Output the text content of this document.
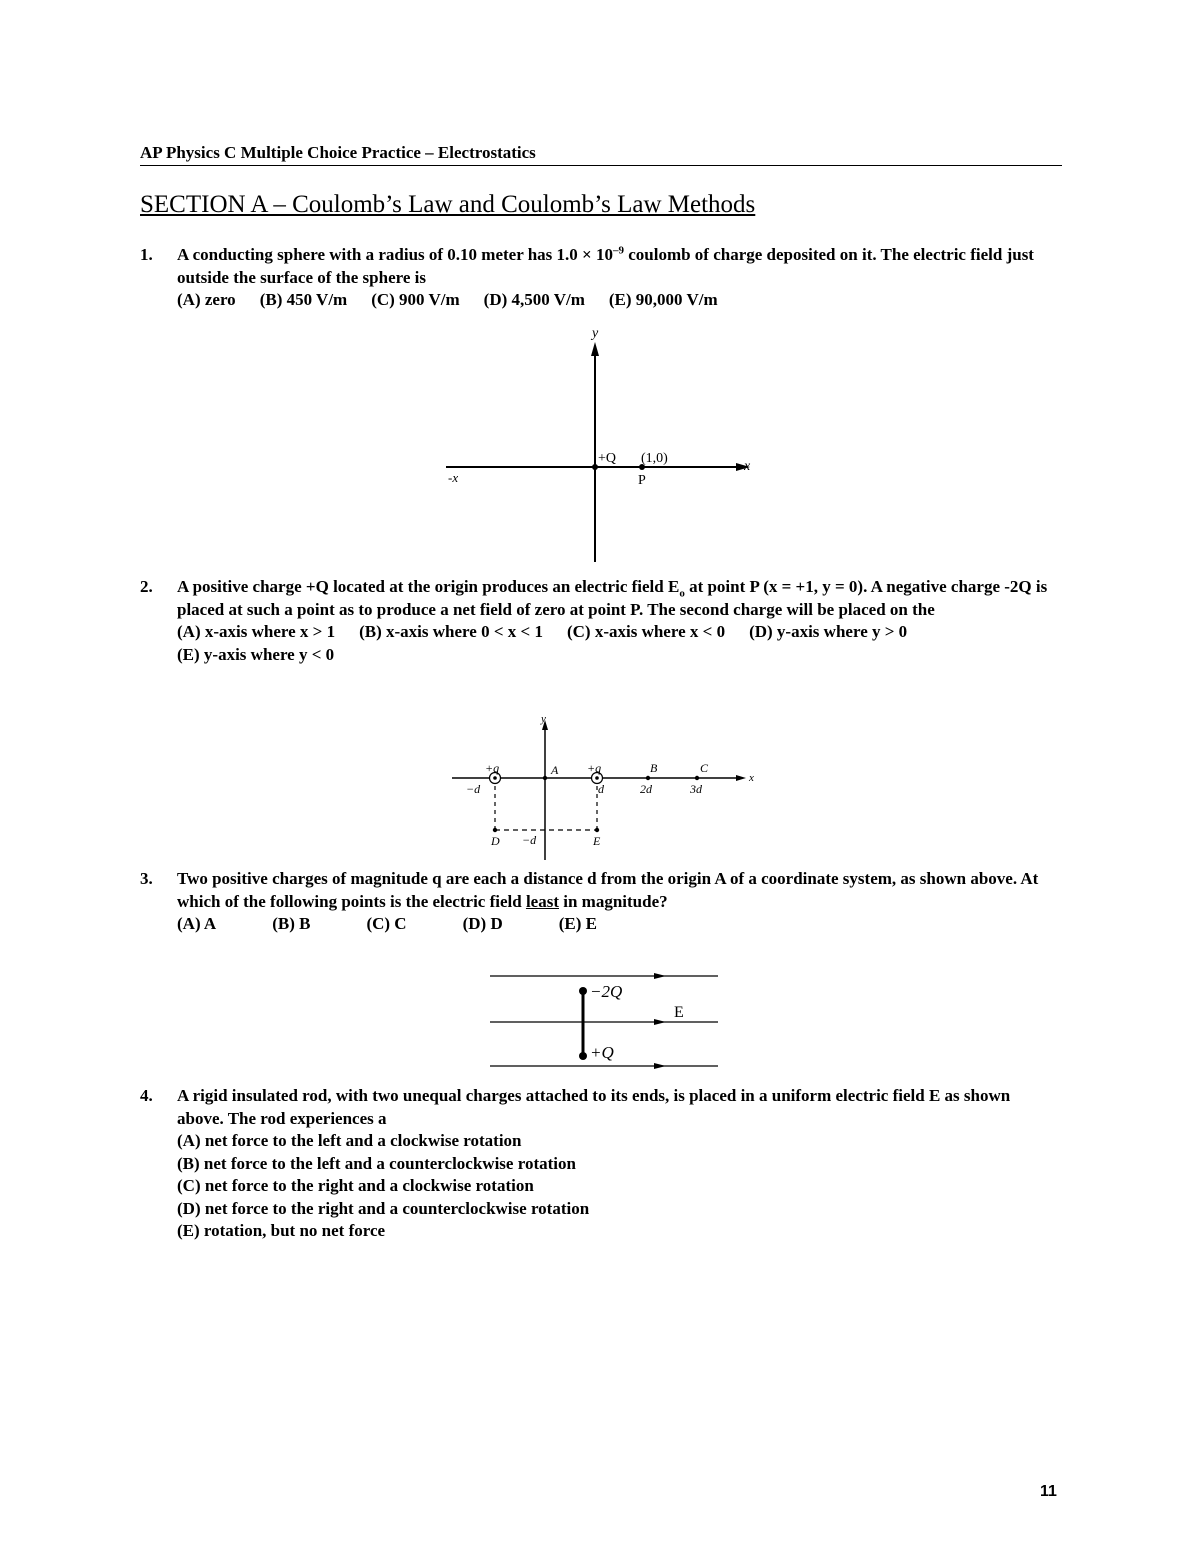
AP Physics C Multiple Choice Practice – Electrostatics
SECTION A – Coulomb’s Law and Coulomb’s Law Methods
1.	A conducting sphere with a radius of 0.10 meter has $1.0 \times 10^{-9}$ coulomb of charge deposited on it. The electric field just outside the surface of the sphere is
(A) zero (B) 450 V/m (C) 900 V/m (D) 4,500 V/m (E) 90,000 V/m
y
x
-x
+Q (1,0)
P
2.	A positive charge +Q located at the origin produces an electric field $E_o$ at point P (x = +1, y = 0). A negative charge -2Q is placed at such a point as to produce a net field of zero at point P. The second charge will be placed on the
(A) x-axis where x > 1 (B) x-axis where 0 < x < 1 (C) x-axis where x < 0 (D) y-axis where y > 0
(E) y-axis where y < 0
y
x
+q
−d
+q
d
A	B
2d
C
3d
D	E
−d
3.	Two positive charges of magnitude q are each a distance d from the origin A of a coordinate system, as shown above. At which of the following points is the electric field least in magnitude?
(A) A	(B) B	(C) C	(D) D	(E) E
−2Q
+Q
E
4.	A rigid insulated rod, with two unequal charges attached to its ends, is placed in a uniform electric field E as shown above. The rod experiences a
(A) net force to the left and a clockwise rotation
(B) net force to the left and a counterclockwise rotation
(C) net force to the right and a clockwise rotation
(D) net force to the right and a counterclockwise rotation
(E) rotation, but no net force
11
